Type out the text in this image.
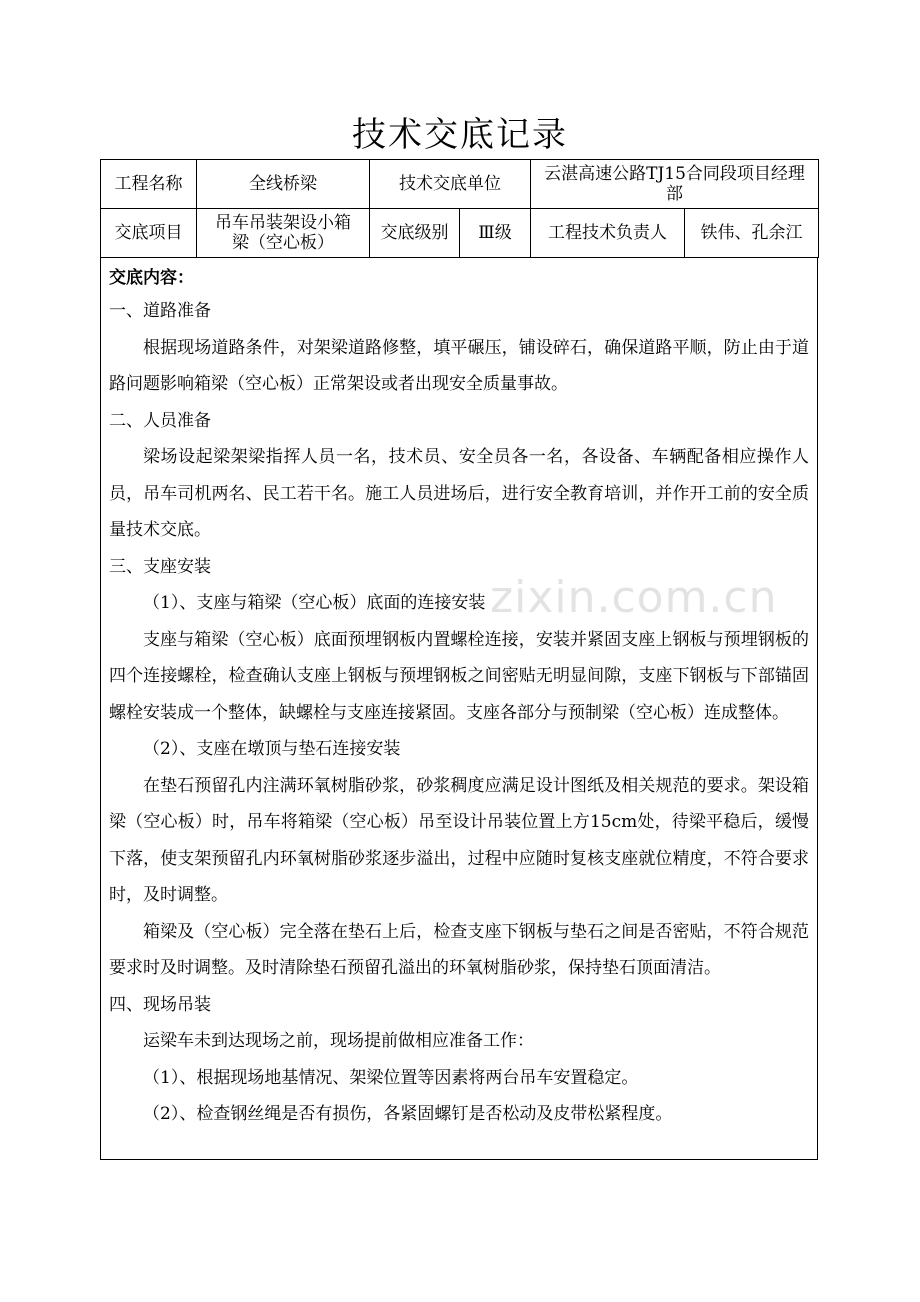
技术交底记录
工程名称	全线桥梁	技术交底单位		云湛高速公路TJ15合同段项目经理部	
交底项目	吊车吊装架设小箱梁（空心板）	交底级别	Ⅲ级	工程技术负责人	铁伟、孔余江

交底内容：

一、道路准备

根据现场道路条件，对架梁道路修整，填平碾压，铺设碎石，确保道路平顺，防止由于道路问题影响箱梁（空心板）正常架设或者出现安全质量事故。

二、人员准备

梁场设起梁架梁指挥人员一名，技术员、安全员各一名，各设备、车辆配备相应操作人员，吊车司机两名、民工若干名。施工人员进场后，进行安全教育培训，并作开工前的安全质量技术交底。

三、支座安装

（1）、支座与箱梁（空心板）底面的连接安装

支座与箱梁（空心板）底面预埋钢板内置螺栓连接，安装并紧固支座上钢板与预埋钢板的四个连接螺栓，检查确认支座上钢板与预埋钢板之间密贴无明显间隙，支座下钢板与下部锚固螺栓安装成一个整体，缺螺栓与支座连接紧固。支座各部分与预制梁（空心板）连成整体。

（2）、支座在墩顶与垫石连接安装

在垫石预留孔内注满环氧树脂砂浆，砂浆稠度应满足设计图纸及相关规范的要求。架设箱梁（空心板）时，吊车将箱梁（空心板）吊至设计吊装位置上方15cm处，待梁平稳后，缓慢下落，使支架预留孔内环氧树脂砂浆逐步溢出，过程中应随时复核支座就位精度，不符合要求时，及时调整。

箱梁及（空心板）完全落在垫石上后，检查支座下钢板与垫石之间是否密贴，不符合规范要求时及时调整。及时清除垫石预留孔溢出的环氧树脂砂浆，保持垫石顶面清洁。

四、现场吊装

运梁车未到达现场之前，现场提前做相应准备工作：

（1）、根据现场地基情况、架梁位置等因素将两台吊车安置稳定。

（2）、检查钢丝绳是否有损伤，各紧固螺钉是否松动及皮带松紧程度。

zixin.com.cn
